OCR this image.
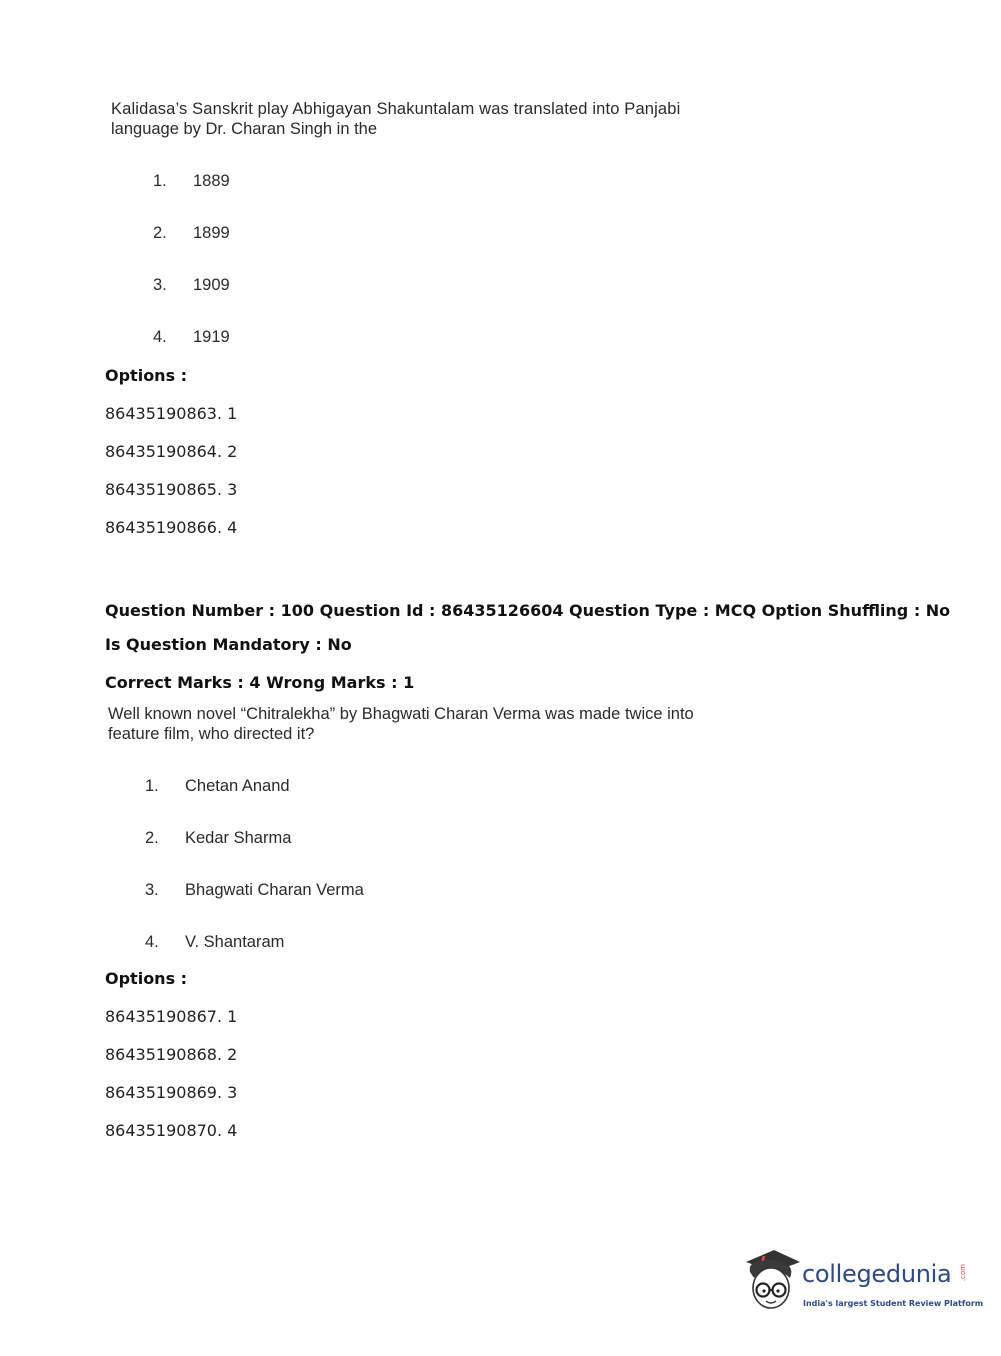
Kalidasa’s Sanskrit play Abhigayan Shakuntalam was translated into Panjabi
language by Dr. Charan Singh in the
1. 1889
2. 1899
3. 1909
4. 1919
Options :
86435190863. 1
86435190864. 2
86435190865. 3
86435190866. 4
Question Number : 100 Question Id : 86435126604 Question Type : MCQ Option Shuffling : No
Is Question Mandatory : No
Correct Marks : 4 Wrong Marks : 1
Well known novel “Chitralekha” by Bhagwati Charan Verma was made twice into
feature film, who directed it?
1. Chetan Anand
2. Kedar Sharma
3. Bhagwati Charan Verma
4. V. Shantaram
Options :
86435190867. 1
86435190868. 2
86435190869. 3
86435190870. 4
collegedunia .com
India's largest Student Review Platform
